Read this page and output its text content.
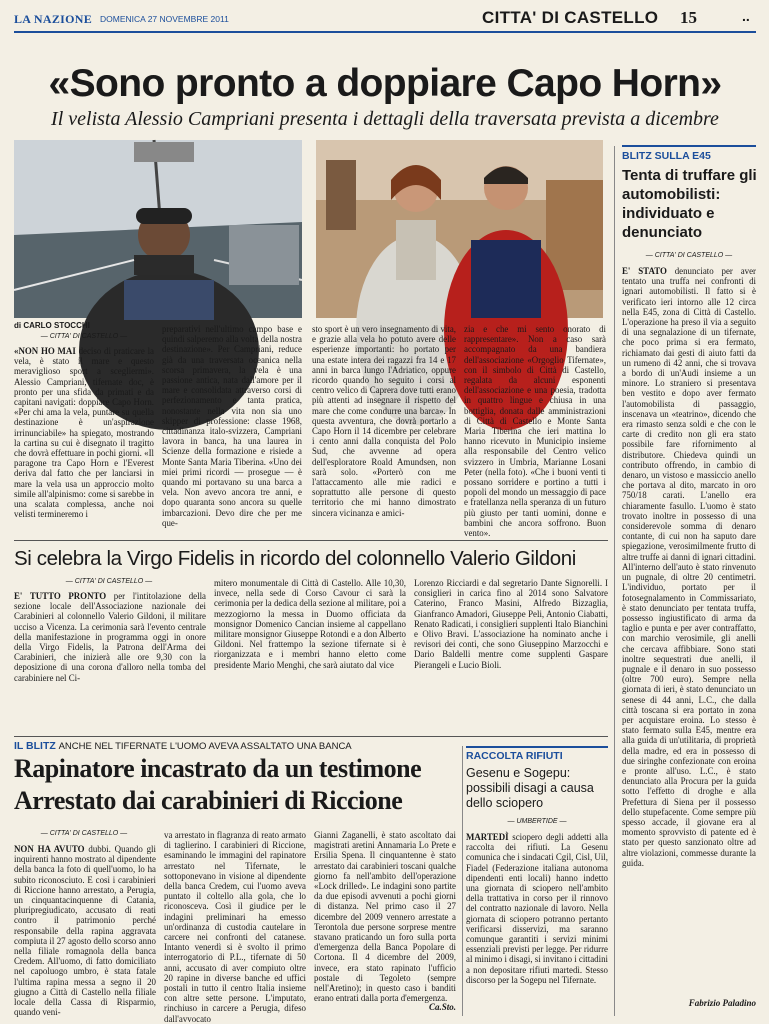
LA NAZIONE DOMENICA 27 NOVEMBRE 2011	CITTA' DI CASTELLO 15	..
«Sono pronto a doppiare Capo Horn»
Il velista Alessio Campriani presenta i dettagli della traversata prevista a dicembre
di CARLO STOCCHI
— CITTA' DI CASTELLO —
«NON HO MAI deciso di praticare la vela, è stato il mare e questo meraviglioso sport a scegliermi». Alessio Campriani, tifernate doc, è pronto per una sfida da primati e da capitani navigati: doppiare Capo Horn. «Per chi ama la vela, puntare su quella destinazione è un'aspirazione irrinunciabile» ha spiegato, mostrando la cartina su cui è disegnato il tragitto che dovrà effettuare in pochi giorni. «Il paragone tra Capo Horn e l'Everest deriva dal fatto che per lanciarsi in mare la vela usa un approccio molto simile all'alpinismo: come si sarebbe in una scalata complessa, anche noi velisti termineremo i
preparativi nell'ultimo campo base e quindi salperemo alla volta della nostra destinazione». Per Campriani, reduce già da una traversata oceanica nella scorsa primavera, la vela è una passione antica, nata dall'amore per il mare e consolidata attraverso corsi di perfezionamento e tanta pratica, nonostante nella vita non sia uno skipper di professione: classe 1968, cittadinanza italo-svizzera, Campriani lavora in banca, ha una laurea in Scienze della formazione e risiede a Monte Santa Maria Tiberina. «Uno dei miei primi ricordi — prosegue — è quando mi portavano su una barca a vela. Non avevo ancora tre anni, e dopo quaranta sono ancora su quelle imbarcazioni. Devo dire che per me que-
sto sport è un vero insegnamento di vita, e grazie alla vela ho potuto avere delle esperienze importanti: ho portato per una estate intera dei ragazzi fra 14 e 17 anni in barca lungo l'Adriatico, oppure ricordo quando ho seguito i corsi al centro velico di Caprera dove tutti erano più attenti ad insegnare il rispetto del mare che come condurre una barca». In questa avventura, che dovrà portarlo a Capo Horn il 14 dicembre per celebrare i cento anni dalla conquista del Polo Sud, che avvenne ad opera dell'esploratore Roald Amundsen, non sarà solo. «Porterò con me l'attaccamento alle mie radici e soprattutto alle persone di questo territorio che mi hanno dimostrato sincera vicinanza e amici-
zia e che mi sento onorato di rappresentare». Non a caso sarà accompagnato da una bandiera dell'associazione «Orgoglio Tifernate», con il simbolo di Città di Castello, regalata da alcuni esponenti dell'associazione e una poesia, tradotta in quattro lingue e chiusa in una bottiglia, donata dalle amministrazioni di Città di Castello e Monte Santa Maria Tiberina che ieri mattina lo hanno ricevuto in Municipio insieme alla responsabile del Centro velico svizzero in Umbria, Marianne Losani Peter (nella foto). «Che i buoni venti ti possano sorridere e portino a tutti i popoli del mondo un messaggio di pace e fratellanza nella speranza di un futuro più giusto per tanti uomini, donne e bambini che ancora soffrono. Buon vento».
BLITZ SULLA E45
Tenta di truffare gli automobilisti: individuato e denunciato
— CITTA' DI CASTELLO —
E' STATO denunciato per aver tentato una truffa nei confronti di ignari automobilisti. Il fatto si è verificato ieri intorno alle 12 circa nella E45, zona di Città di Castello. L'operazione ha preso il via a seguito di una segnalazione di un tifernate, che poco prima si era fermato, richiamato dai gesti di aiuto fatti da un rumeno di 42 anni, che si trovava a bordo di un'Audi insieme a un minore. Lo straniero si presentava ben vestito e dopo aver fermato l'automobilista di passaggio, inscenava un «teatrino», dicendo che era rimasto senza soldi e che con le carte di credito non gli era stato possibile fare rifornimento al distributore. Chiedeva quindi un contributo offrendo, in cambio di denaro, un vistoso e massiccio anello che portava al dito, marcato in oro 750/18 carati. L'anello era chiaramente fasullo. L'uomo è stato trovato inoltre in possesso di una considerevole somma di denaro contante, di cui non ha saputo dare spiegazione, verosimilmente frutto di altre truffe ai danni di ignari cittadini. All'interno dell'auto è stato rinvenuto un pugnale, di oltre 20 centimetri. L'individuo, portato per il fotosegnalamento in Commissariato, è stato denunciato per tentata truffa, possesso ingiustificato di arma da taglio e punta e per aver contraffatto, con marchio verosimile, gli anelli che cercava affibbiare. Sono stati inoltre sequestrati due anelli, il pugnale e il denaro in suo possesso (oltre 700 euro). Sempre nella giornata di ieri, è stato denunciato un senese di 44 anni, L.C., che dalla città toscana si era portato in zona per acquistare eroina. Lo stesso è stato fermato sulla E45, mentre era alla guida di un'utilitaria, di proprietà della madre, ed era in possesso di due siringhe confezionate con eroina e pronte all'uso. L.C., è stato denunciato alla Procura per la guida sotto l'effetto di droghe e alla Prefettura di Siena per il possesso dello stupefacente. Come sempre più spesso accade, il giovane era al momento sprovvisto di patente ed è stato per questo sanzionato oltre ad altre violazioni, commesse durante la guida.
Fabrizio Paladino
Si celebra la Virgo Fidelis in ricordo del colonnello Valerio Gildoni
— CITTA' DI CASTELLO —
E' TUTTO PRONTO per l'intitolazione della sezione locale dell'Associazione nazionale dei Carabinieri al colonnello Valerio Gildoni, il militare ucciso a Vicenza. La cerimonia sarà l'evento centrale della manifestazione in programma oggi in onore della Virgo Fidelis, la Patrona dell'Arma dei Carabinieri, che inizierà alle ore 9,30 con la deposizione di una corona d'alloro nella tomba del carabiniere nel Ci-
mitero monumentale di Città di Castello. Alle 10,30, invece, nella sede di Corso Cavour ci sarà la cerimonia per la dedica della sezione al militare, poi a mezzogiorno la messa in Duomo officiata da monsignor Domenico Cancian insieme al cappellano militare monsignor Giuseppe Rotondi e a don Alberto Gildoni. Nel frattempo la sezione tifernate si è riorganizzata e i membri hanno eletto come presidente Mario Menghi, che sarà aiutato dal vice
Lorenzo Ricciardi e dal segretario Dante Signorelli. I consiglieri in carica fino al 2014 sono Salvatore Caterino, Franco Masini, Alfredo Bizzaglia, Gianfranco Amadori, Giuseppe Peli, Antonio Ciabatti, Renato Radicati, i consiglieri supplenti Italo Bianchini e Olivo Bravi. L'associazione ha nominato anche i revisori dei conti, che sono Giuseppino Marzocchi e Dario Baldelli mentre come supplenti Gaspare Pierangeli e Lucio Bioli.
IL BLITZ ANCHE NEL TIFERNATE L'UOMO AVEVA ASSALTATO UNA BANCA
Rapinatore incastrato da un testimone
Arrestato dai carabinieri di Riccione
— CITTA' DI CASTELLO —
NON HA AVUTO dubbi. Quando gli inquirenti hanno mostrato al dipendente della banca la foto di quell'uomo, lo ha subito riconosciuto. E così i carabinieri di Riccione hanno arrestato, a Perugia, un cinquantacinquenne di Catania, pluripregiudicato, accusato di reati contro il patrimonio perché responsabile della rapina aggravata compiuta il 27 agosto dello scorso anno nella filiale romagnola della banca Credem. All'uomo, di fatto domiciliato nel capoluogo umbro, è stata fatale l'ultima rapina messa a segno il 20 giugno a Città di Castello nella filiale locale della Cassa di Risparmio, quando veni-
va arrestato in flagranza di reato armato di taglierino. I carabinieri di Riccione, esaminando le immagini del rapinatore arrestato nel Tifernate, le sottoponevano in visione al dipendente della banca Credem, cui l'uomo aveva puntato il coltello alla gola, che lo riconosceva. Così il giudice per le indagini preliminari ha emesso un'ordinanza di custodia cautelare in carcere nei confronti del catanese. Intanto venerdì si è svolto il primo interrogatorio di P.L., tifernate di 50 anni, accusato di aver compiuto oltre 20 rapine in diverse banche ed uffici postali in tutto il centro Italia insieme con altre sette persone. L'imputato, rinchiuso in carcere a Perugia, difeso dall'avvocato
Gianni Zaganelli, è stato ascoltato dai magistrati aretini Annamaria Lo Prete e Ersilia Spena. Il cinquantenne è stato arrestato dai carabinieri toscani qualche giorno fa nell'ambito dell'operazione «Lock drilled». Le indagini sono partite da due episodi avvenuti a pochi giorni di distanza. Nel primo caso il 27 dicembre del 2009 vennero arrestate a Terontola due persone sorprese mentre stavano praticando un foro sulla porta d'emergenza della Banca Popolare di Cortona. Il 4 dicembre del 2009, invece, era stato rapinato l'ufficio postale di Tegoleto (sempre nell'Aretino); in questo caso i banditi erano entrati dalla porta d'emergenza.
Ca.Sto.
RACCOLTA RIFIUTI
Gesenu e Sogepu: possibili disagi a causa dello sciopero
— UMBERTIDE —
MARTEDÌ sciopero degli addetti alla raccolta dei rifiuti. La Gesenu comunica che i sindacati Cgil, Cisl, Uil, Fiadel (Federazione italiana autonoma dipendenti enti locali) hanno indetto una giornata di sciopero nell'ambito della trattativa in corso per il rinnovo del contratto nazionale di lavoro. Nella giornata di sciopero potranno pertanto verificarsi disservizi, ma saranno comunque garantiti i servizi minimi essenziali previsti per legge. Per ridurre al minimo i disagi, si invitano i cittadini a non depositare rifiuti martedì. Stesso discorso per la Sogepu nel Tifernate.
